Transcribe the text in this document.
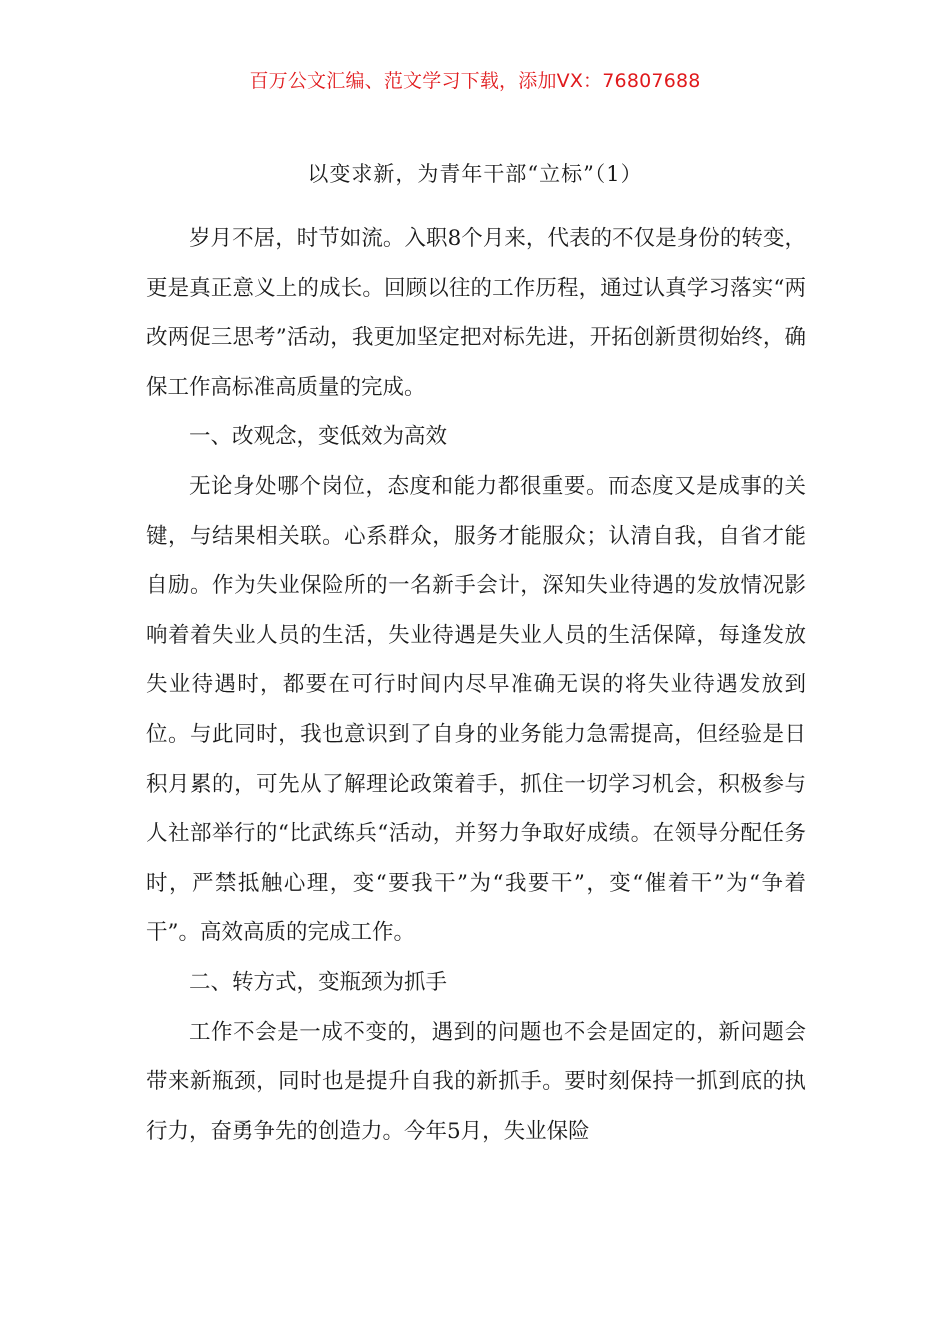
百万公文汇编、范文学习下载，添加VX：76807688
以变求新，为青年干部“立标”（1）

岁月不居，时节如流。入职8个月来，代表的不仅是身份的转变，更是真正意义上的成长。回顾以往的工作历程，通过认真学习落实“两改两促三思考”活动，我更加坚定把对标先进，开拓创新贯彻始终，确保工作高标准高质量的完成。

一、改观念，变低效为高效

无论身处哪个岗位，态度和能力都很重要。而态度又是成事的关键，与结果相关联。心系群众，服务才能服众；认清自我，自省才能自励。作为失业保险所的一名新手会计，深知失业待遇的发放情况影响着着失业人员的生活，失业待遇是失业人员的生活保障，每逢发放失业待遇时，都要在可行时间内尽早准确无误的将失业待遇发放到位。与此同时，我也意识到了自身的业务能力急需提高，但经验是日积月累的，可先从了解理论政策着手，抓住一切学习机会，积极参与人社部举行的“比武练兵“活动，并努力争取好成绩。在领导分配任务时，严禁抵触心理，变“要我干”为“我要干”，变“催着干”为“争着干”。高效高质的完成工作。

二、转方式，变瓶颈为抓手

工作不会是一成不变的，遇到的问题也不会是固定的，新问题会带来新瓶颈，同时也是提升自我的新抓手。要时刻保持一抓到底的执行力，奋勇争先的创造力。今年5月，失业保险
